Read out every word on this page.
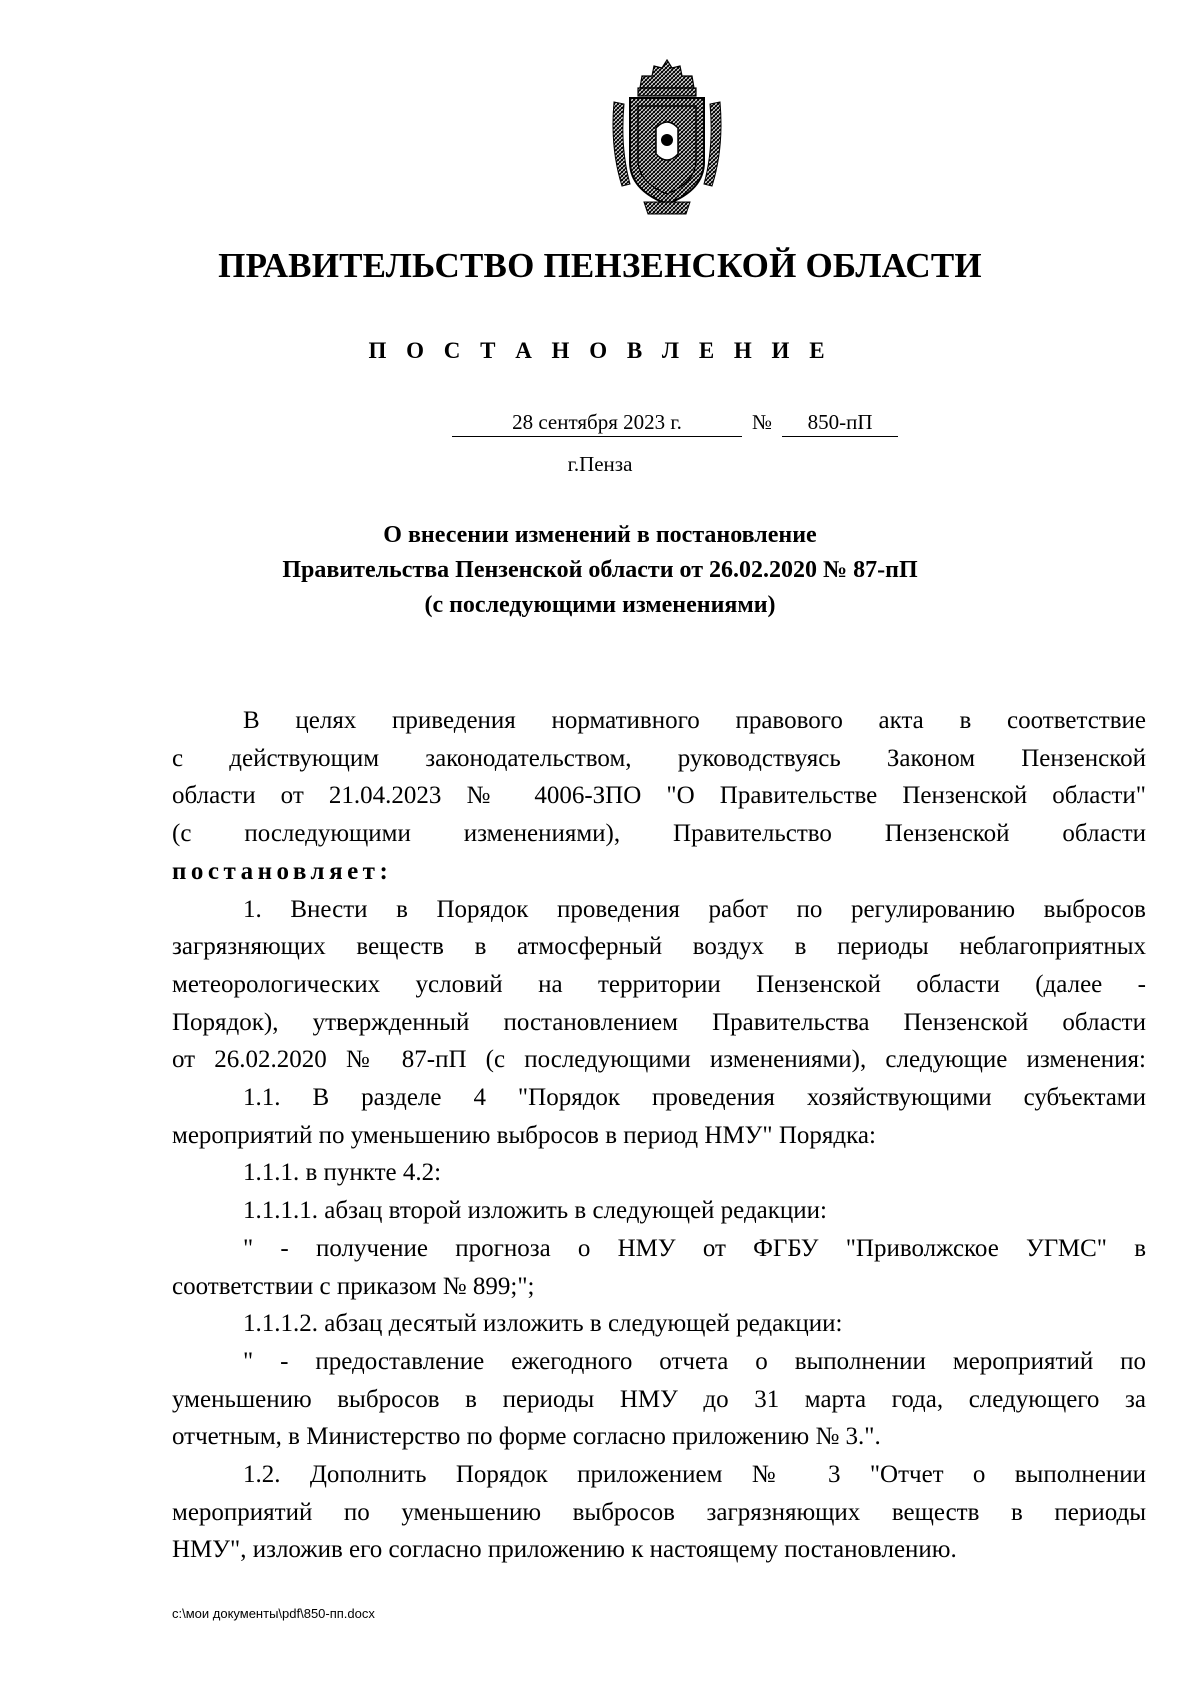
ПРАВИТЕЛЬСТВО ПЕНЗЕНСКОЙ ОБЛАСТИ
П О С Т А Н О В Л Е Н И Е
28 сентября 2023 г.	№ 850-пП
г.Пенза
О внесении изменений в постановление
Правительства Пензенской области от 26.02.2020 № 87-пП
(с последующими изменениями)

В целях приведения нормативного правового акта в соответствие

с действующим законодательством, руководствуясь Законом Пензенской

области от 21.04.2023 № 4006-ЗПО "О Правительстве Пензенской области"

(с последующими изменениями), Правительство Пензенской области

постановляет:

1. Внести в Порядок проведения работ по регулированию выбросов

загрязняющих веществ в атмосферный воздух в периоды неблагоприятных

метеорологических условий на территории Пензенской области (далее -

Порядок), утвержденный постановлением Правительства Пензенской области

от 26.02.2020 № 87-пП (с последующими изменениями), следующие изменения:

1.1. В разделе 4 "Порядок проведения хозяйствующими субъектами

мероприятий по уменьшению выбросов в период НМУ" Порядка:

1.1.1. в пункте 4.2:

1.1.1.1. абзац второй изложить в следующей редакции:

" - получение прогноза о НМУ от ФГБУ "Приволжское УГМС" в

соответствии с приказом № 899;";

1.1.1.2. абзац десятый изложить в следующей редакции:

" - предоставление ежегодного отчета о выполнении мероприятий по

уменьшению выбросов в периоды НМУ до 31 марта года, следующего за

отчетным, в Министерство по форме согласно приложению № 3.".

1.2. Дополнить Порядок приложением № 3 "Отчет о выполнении

мероприятий по уменьшению выбросов загрязняющих веществ в периоды

НМУ", изложив его согласно приложению к настоящему постановлению.

c:\мои документы\pdf\850-пп.docx
